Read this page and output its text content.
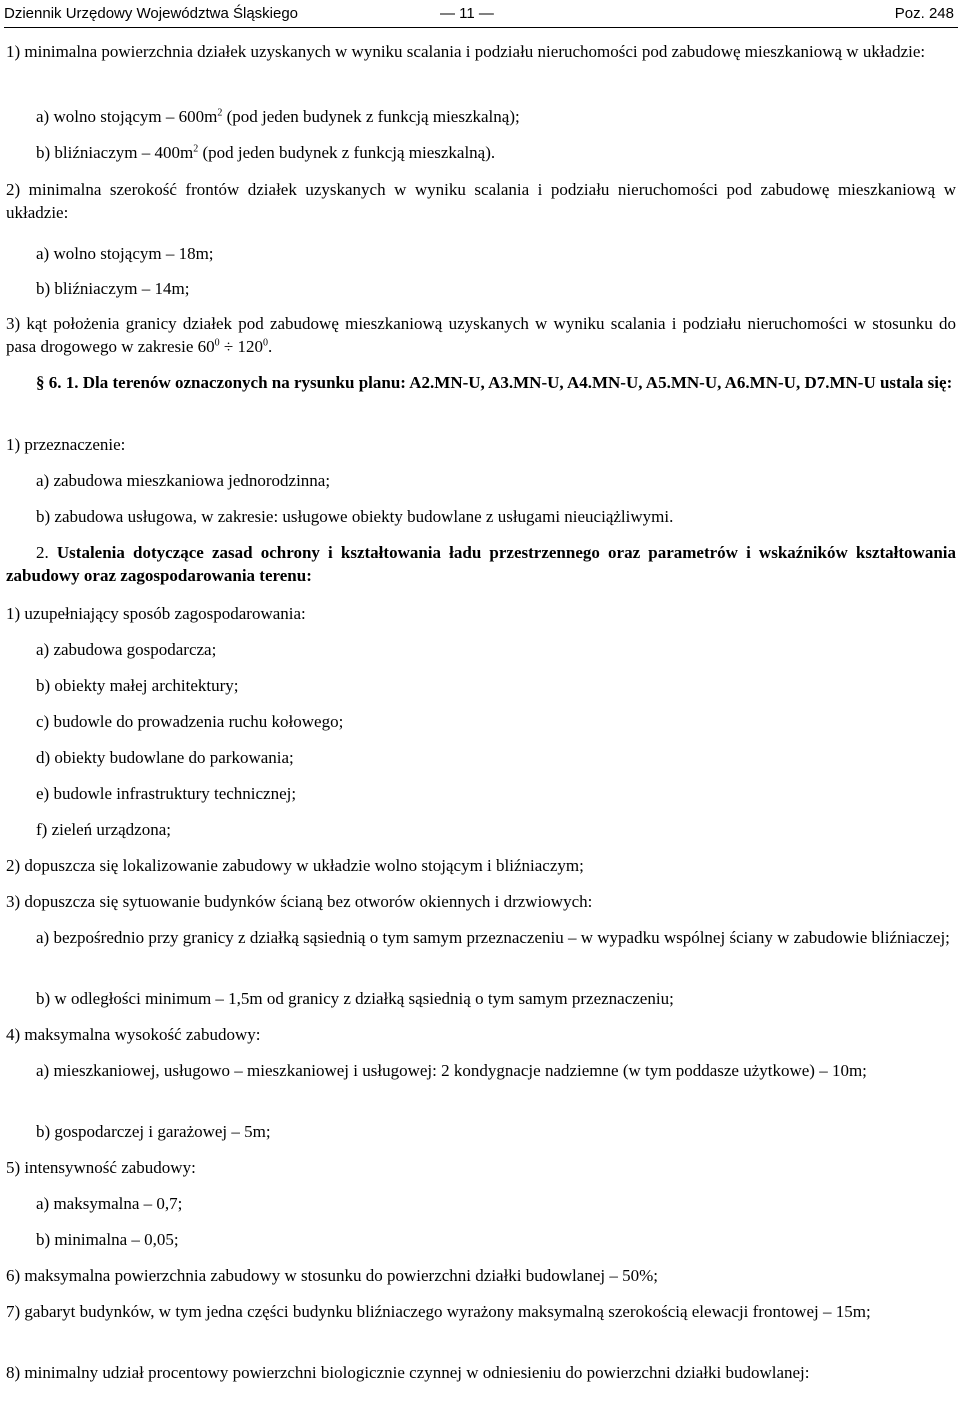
Dziennik Urzędowy Województwa Śląskiego	— 11 —	Poz. 248

1) minimalna powierzchnia działek uzyskanych w wyniku scalania i podziału nieruchomości pod zabudowę mieszkaniową w układzie:

a) wolno stojącym – $600m^2$ (pod jeden budynek z funkcją mieszkalną);

b) bliźniaczym – $400m^2$ (pod jeden budynek z funkcją mieszkalną).

2) minimalna szerokość frontów działek uzyskanych w wyniku scalania i podziału nieruchomości pod zabudowę mieszkaniową w układzie:

a) wolno stojącym – 18m;

b) bliźniaczym – 14m;

3) kąt położenia granicy działek pod zabudowę mieszkaniową uzyskanych w wyniku scalania i podziału nieruchomości w stosunku do pasa drogowego w zakresie $60^0 \div 120^0$.

§ 6. 1. Dla terenów oznaczonych na rysunku planu: A2.MN-U, A3.MN-U, A4.MN-U, A5.MN-U, A6.MN-U, D7.MN-U ustala się:

1) przeznaczenie:

a) zabudowa mieszkaniowa jednorodzinna;

b) zabudowa usługowa, w zakresie: usługowe obiekty budowlane z usługami nieuciążliwymi.

2. Ustalenia dotyczące zasad ochrony i kształtowania ładu przestrzennego oraz parametrów i wskaźników kształtowania zabudowy oraz zagospodarowania terenu:

1) uzupełniający sposób zagospodarowania:

a) zabudowa gospodarcza;

b) obiekty małej architektury;

c) budowle do prowadzenia ruchu kołowego;

d) obiekty budowlane do parkowania;

e) budowle infrastruktury technicznej;

f) zieleń urządzona;

2) dopuszcza się lokalizowanie zabudowy w układzie wolno stojącym i bliźniaczym;

3) dopuszcza się sytuowanie budynków ścianą bez otworów okiennych i drzwiowych:

a) bezpośrednio przy granicy z działką sąsiednią o tym samym przeznaczeniu – w wypadku wspólnej ściany w zabudowie bliźniaczej;

b) w odległości minimum – 1,5m od granicy z działką sąsiednią o tym samym przeznaczeniu;

4) maksymalna wysokość zabudowy:

a) mieszkaniowej, usługowo – mieszkaniowej i usługowej: 2 kondygnacje nadziemne (w tym poddasze użytkowe) – 10m;

b) gospodarczej i garażowej – 5m;

5) intensywność zabudowy:

a) maksymalna – 0,7;

b) minimalna – 0,05;

6) maksymalna powierzchnia zabudowy w stosunku do powierzchni działki budowlanej – 50%;

7) gabaryt budynków, w tym jedna części budynku bliźniaczego wyrażony maksymalną szerokością elewacji frontowej – 15m;

8) minimalny udział procentowy powierzchni biologicznie czynnej w odniesieniu do powierzchni działki budowlanej:
